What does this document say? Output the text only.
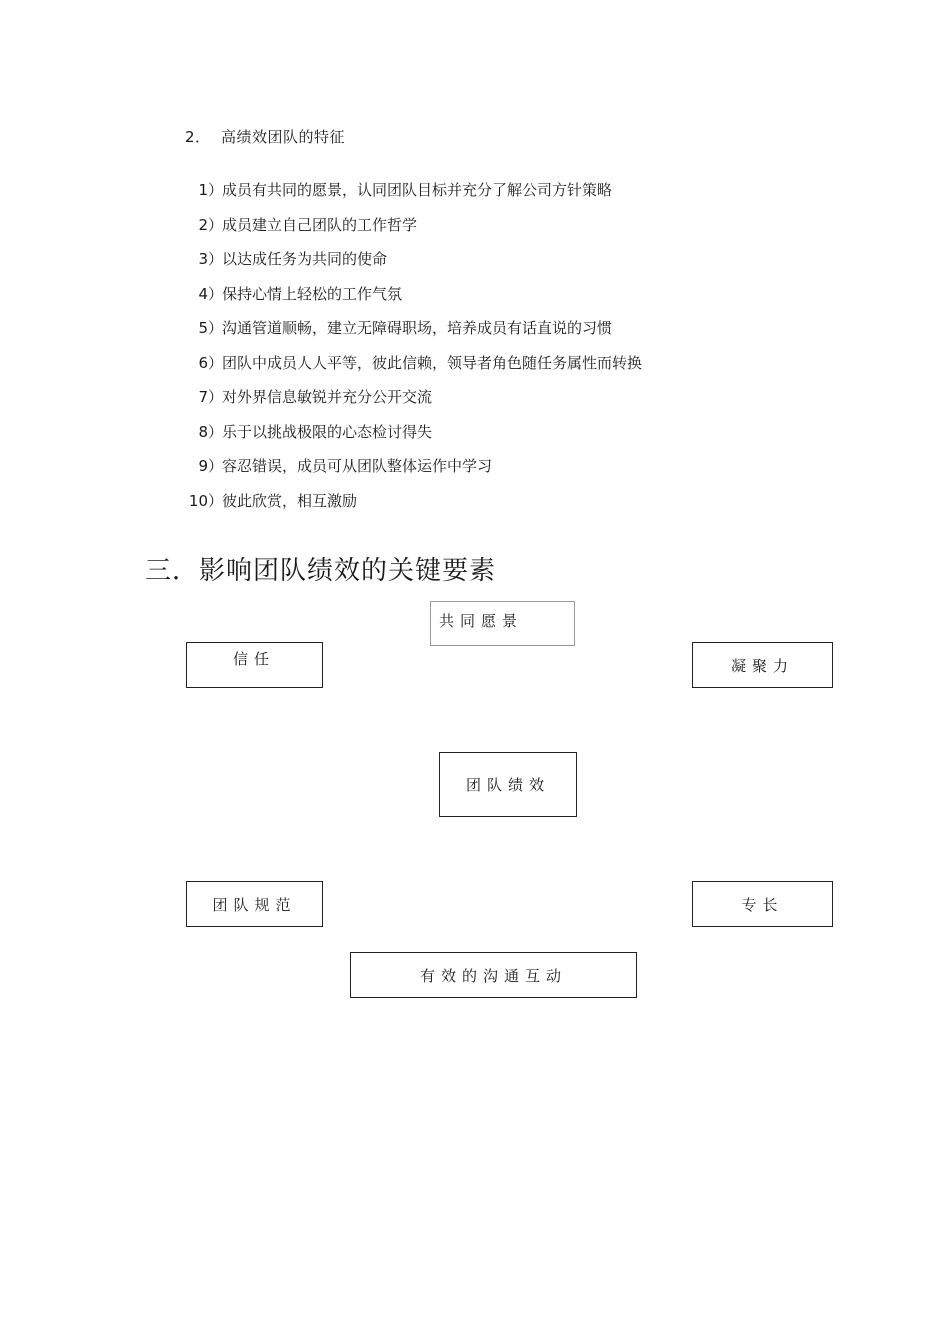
2． 高绩效团队的特征
1）成员有共同的愿景，认同团队目标并充分了解公司方针策略
2）成员建立自己团队的工作哲学
3）以达成任务为共同的使命
4）保持心情上轻松的工作气氛
5）沟通管道顺畅，建立无障碍职场，培养成员有话直说的习惯
6）团队中成员人人平等，彼此信赖，领导者角色随任务属性而转换
7）对外界信息敏锐并充分公开交流
8）乐于以挑战极限的心态检讨得失
9）容忍错误，成员可从团队整体运作中学习
10）彼此欣赏，相互激励
三．影响团队绩效的关键要素
共同愿景
信任	凝聚力
团队绩效
团队规范	专长
有效的沟通互动
